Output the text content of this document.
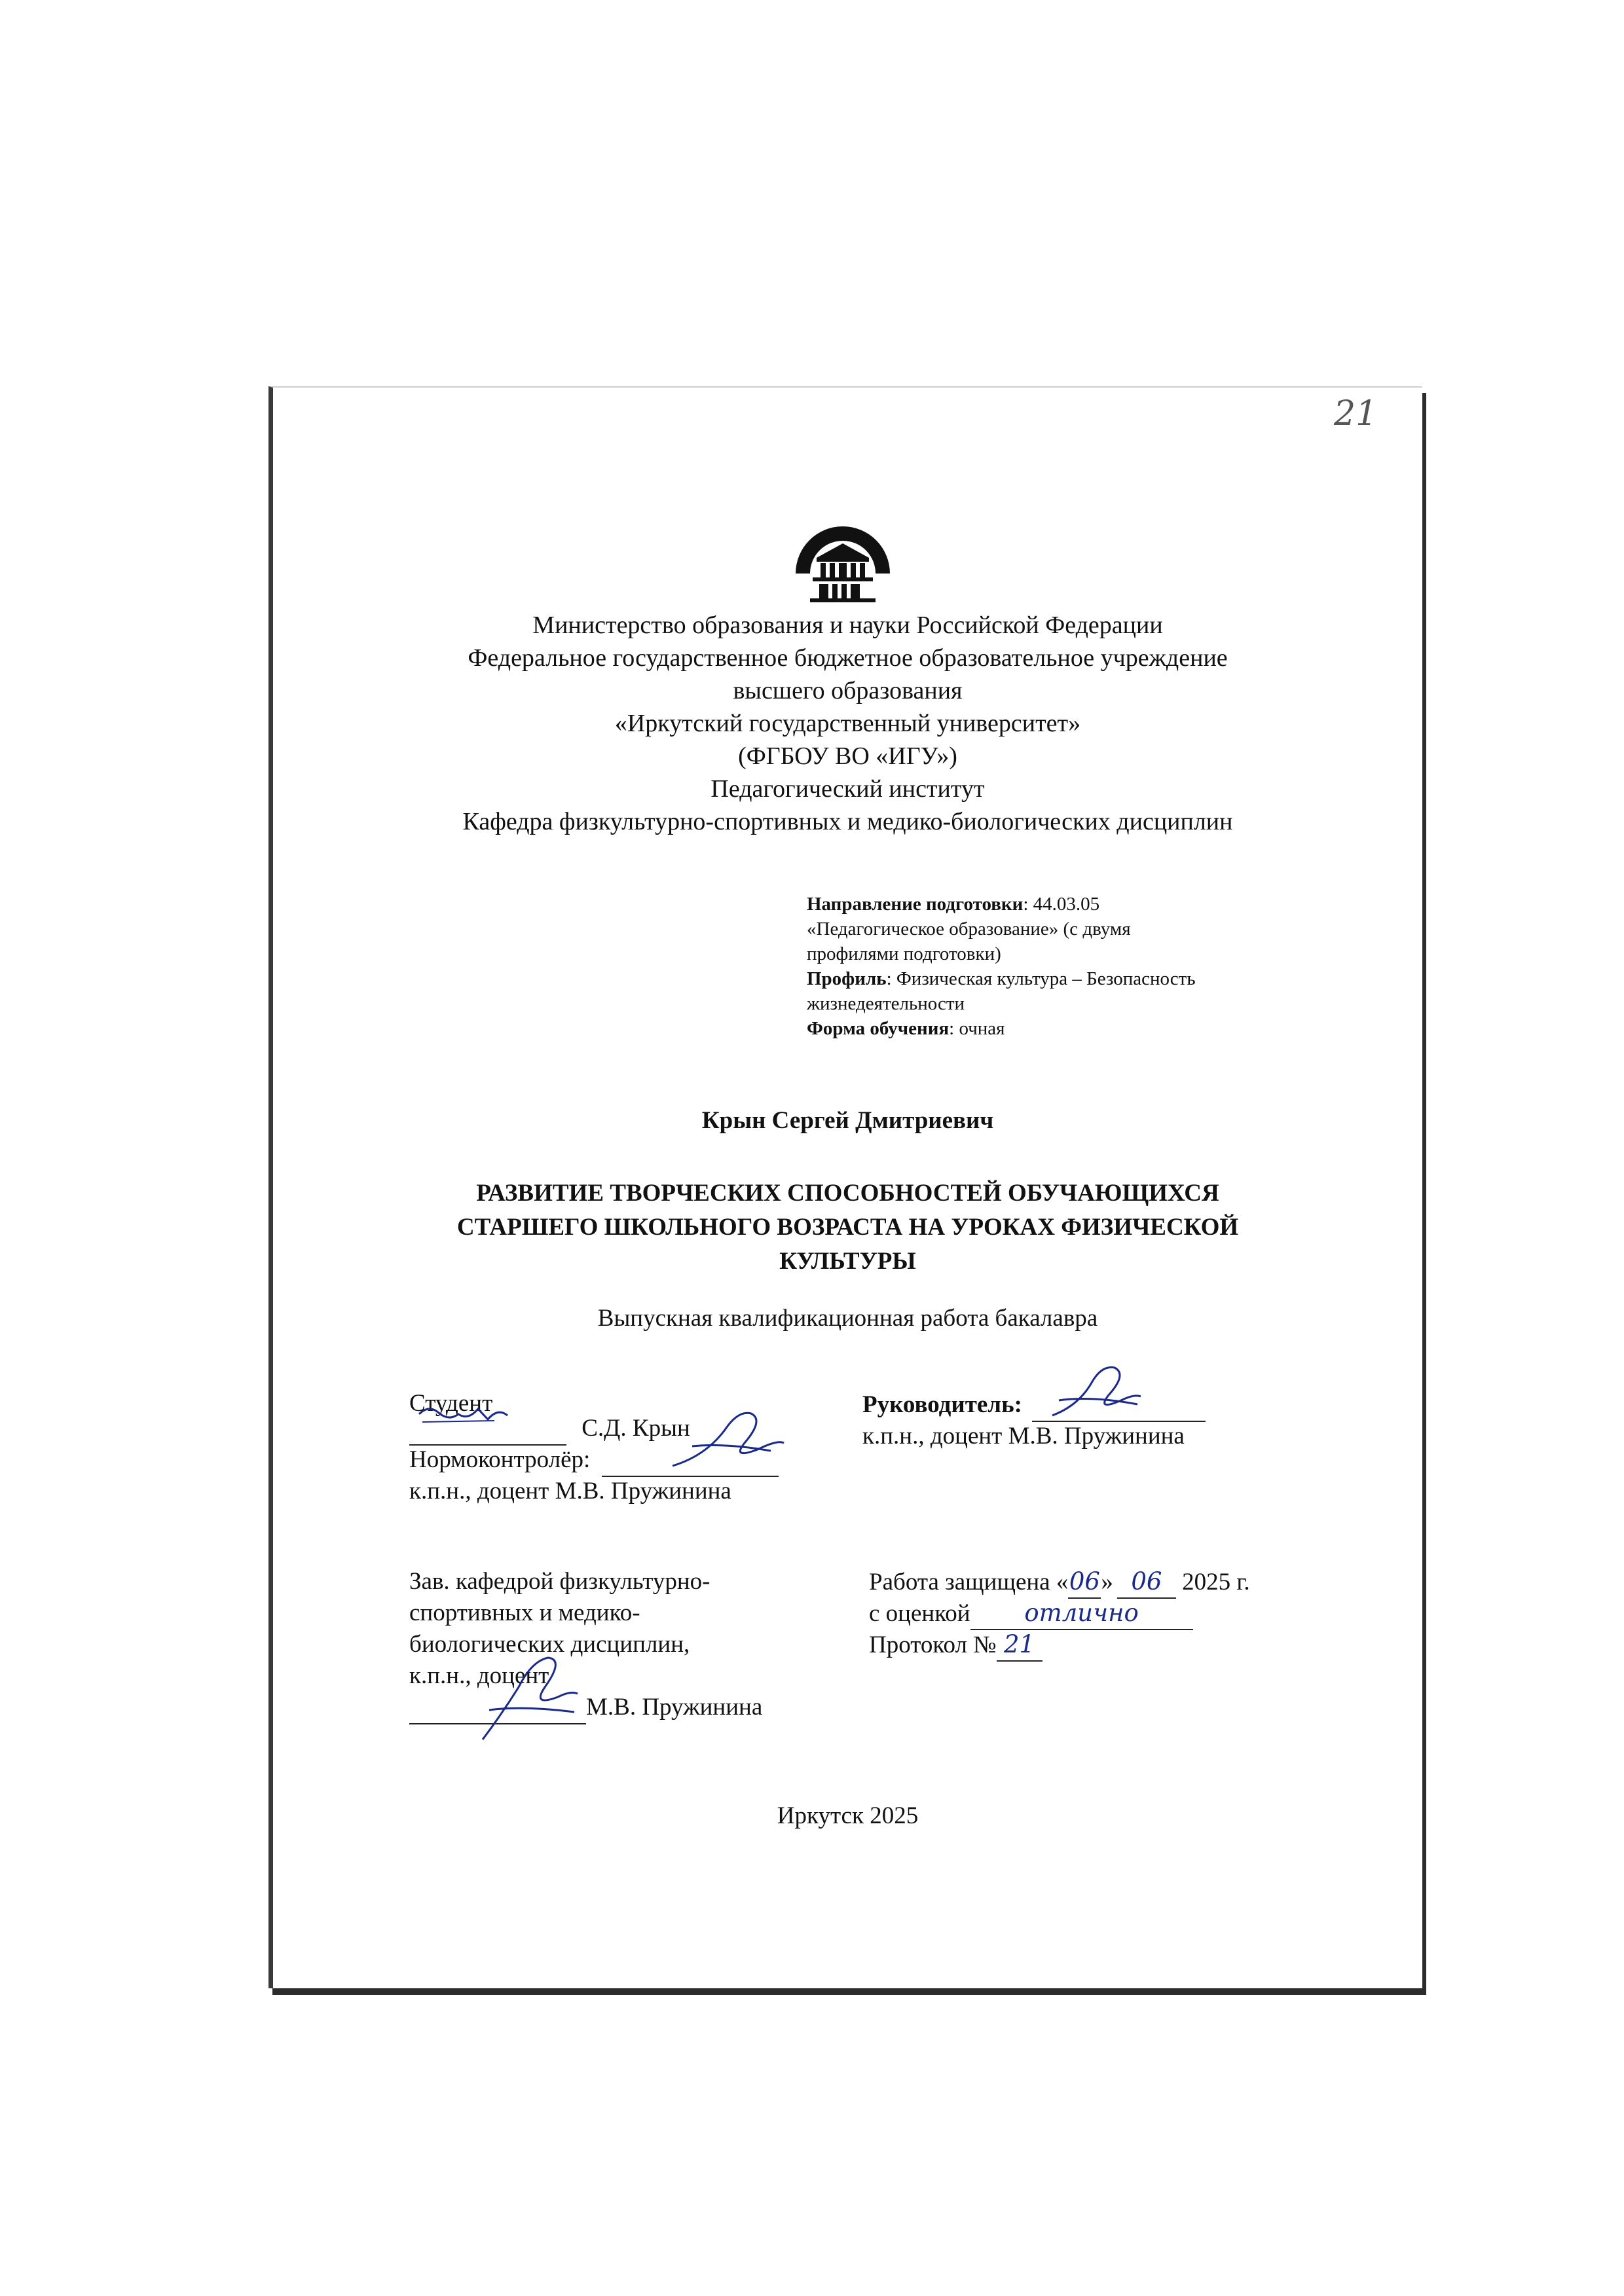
21
Министерство образования и науки Российской Федерации
Федеральное государственное бюджетное образовательное учреждение
высшего образования
«Иркутский государственный университет»
(ФГБОУ ВО «ИГУ»)
Педагогический институт
Кафедра физкультурно-спортивных и медико-биологических дисциплин
Направление подготовки: 44.03.05
«Педагогическое образование» (с двумя
профилями подготовки)
Профиль: Физическая культура – Безопасность
жизнедеятельности
Форма обучения: очная
Крын Сергей Дмитриевич
РАЗВИТИЕ ТВОРЧЕСКИХ СПОСОБНОСТЕЙ ОБУЧАЮЩИХСЯ
СТАРШЕГО ШКОЛЬНОГО ВОЗРАСТА НА УРОКАХ ФИЗИЧЕСКОЙ
КУЛЬТУРЫ
Выпускная квалификационная работа бакалавра
Студент
С.Д. Крын
Нормоконтролёр:
к.п.н., доцент М.В. Пружинина
Руководитель:
к.п.н., доцент М.В. Пружинина
Зав. кафедрой физкультурно-
спортивных и медико-
биологических дисциплин,
к.п.н., доцент
М.В. Пружинина
Работа защищена «06» 06 2025 г.
с оценкой отлично
Протокол № 21
Иркутск 2025
